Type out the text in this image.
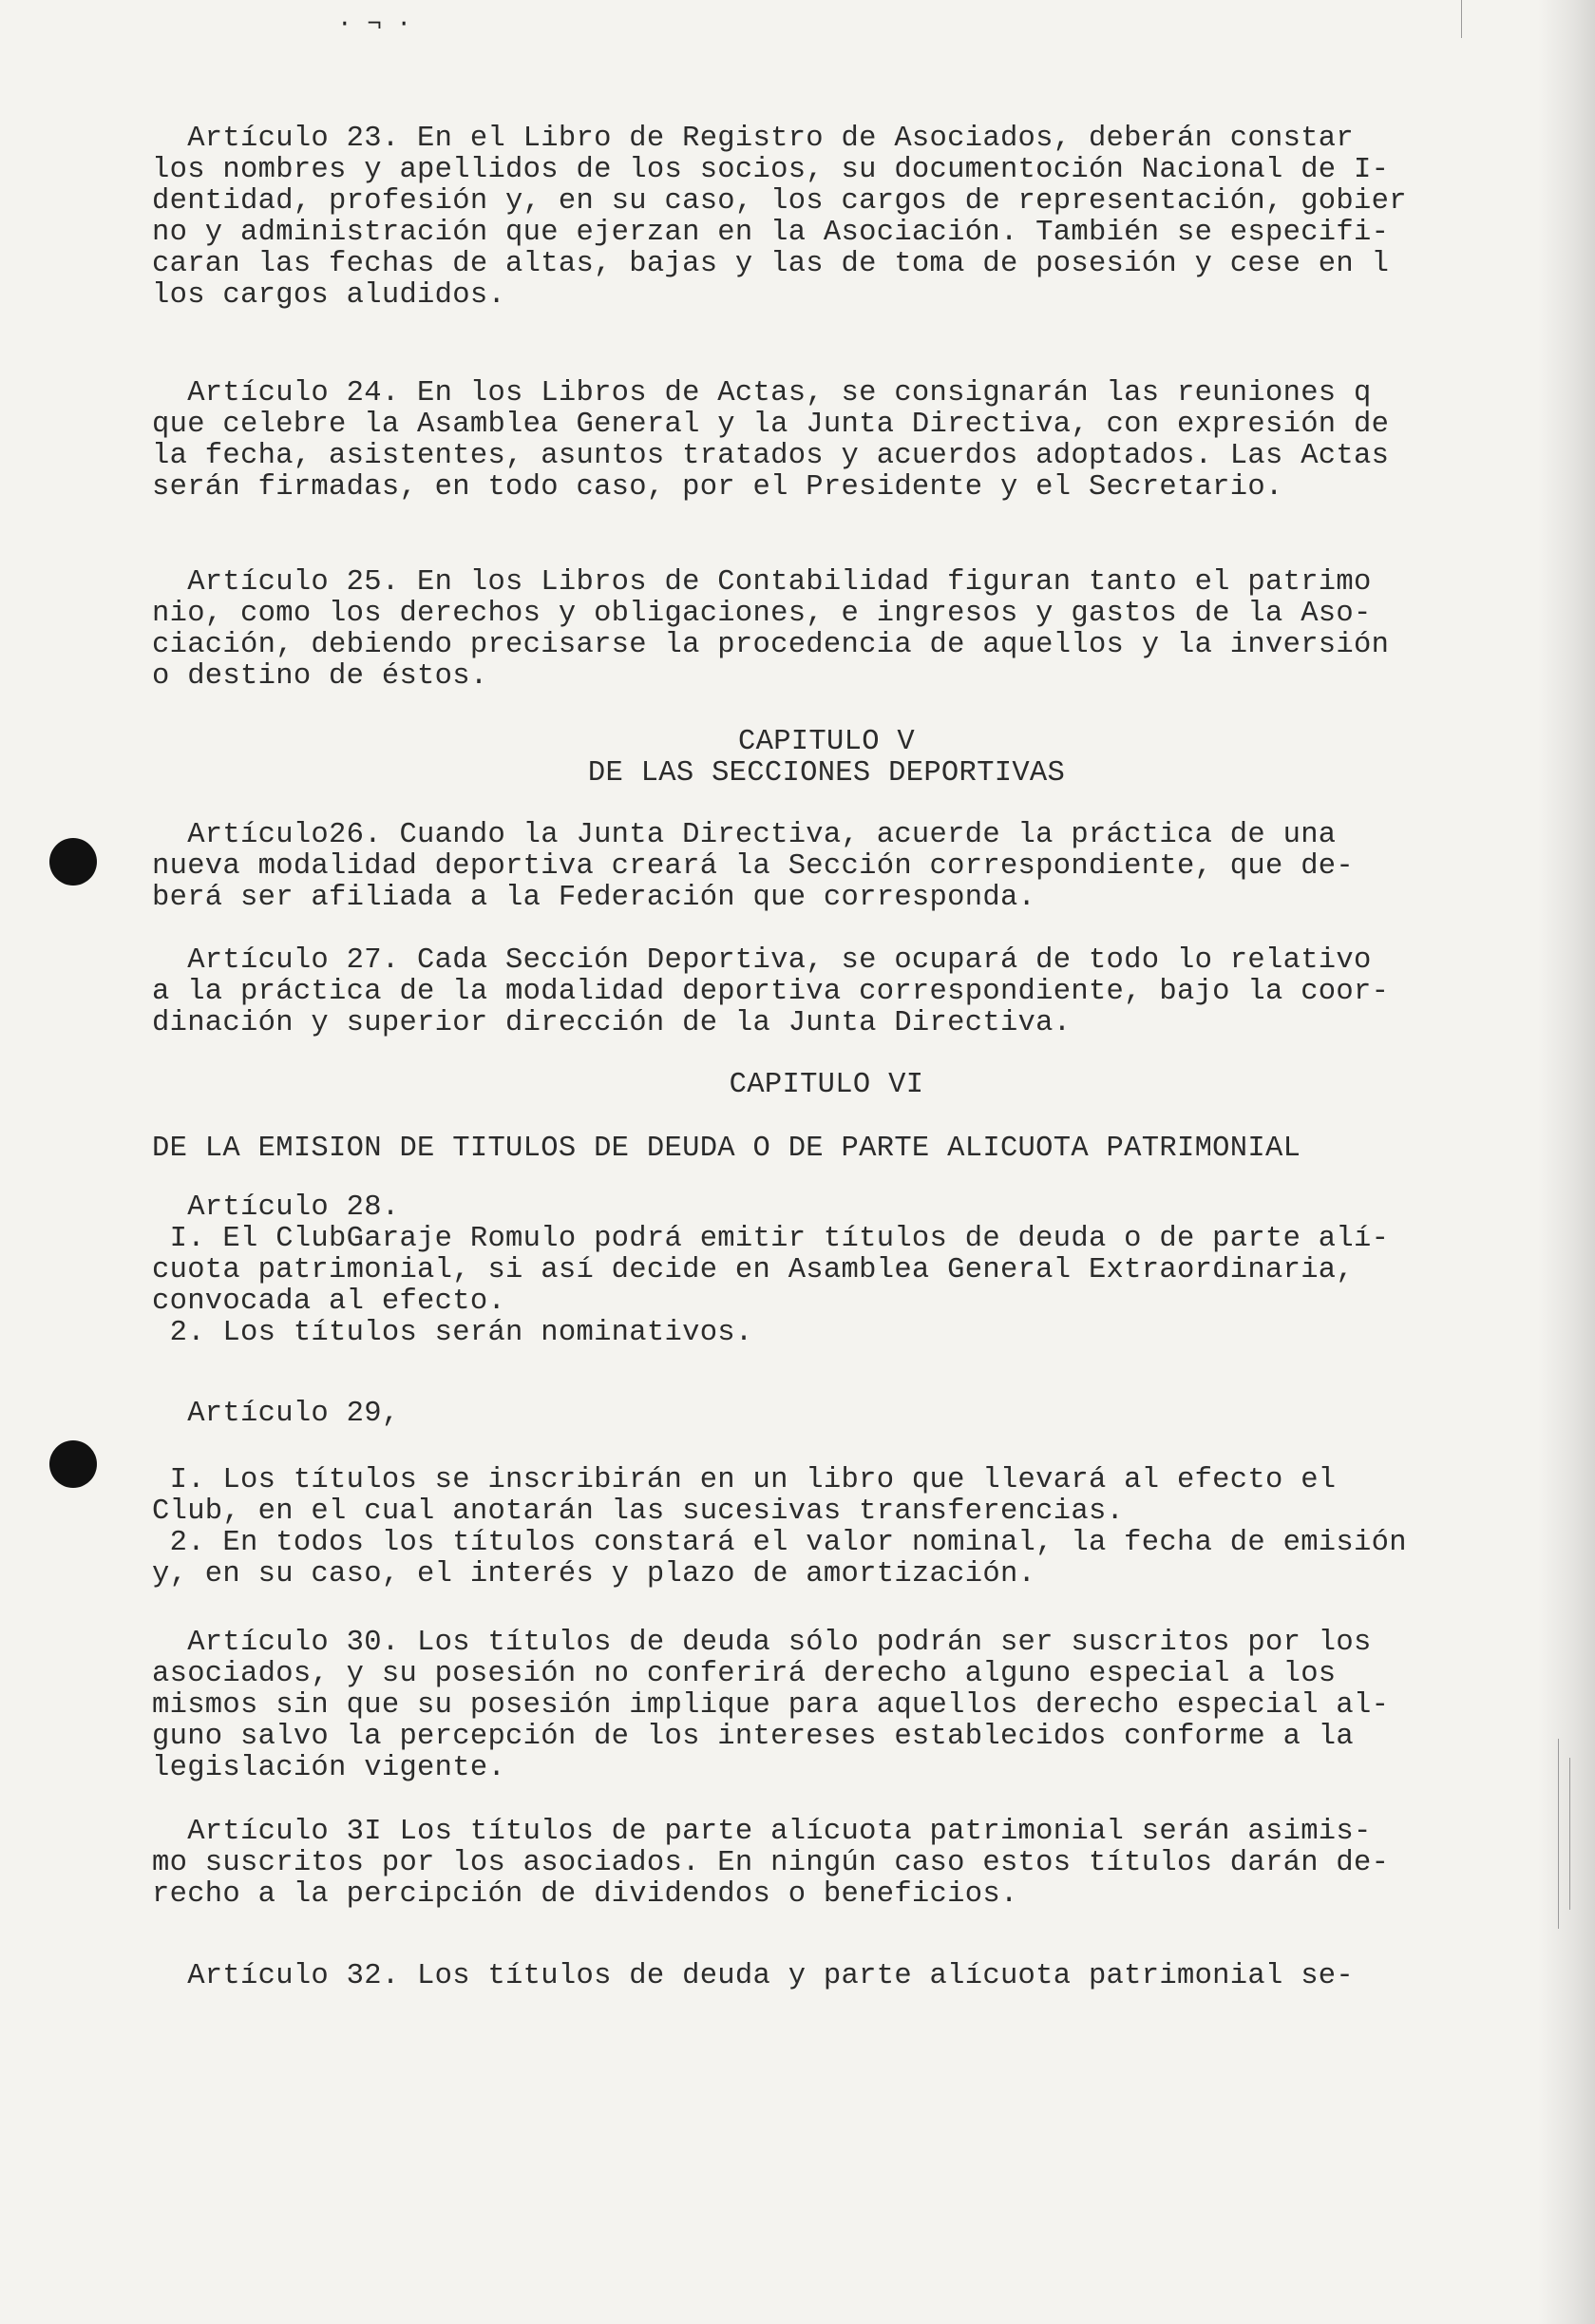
· ¬ ·
Artículo 23. En el Libro de Registro de Asociados, deberán constar
los nombres y apellidos de los socios, su documentoción Nacional de I-
dentidad, profesión y, en su caso, los cargos de representación, gobier
no y administración que ejerzan en la Asociación. También se especifi-
caran las fechas de altas, bajas y las de toma de posesión y cese en l
los cargos aludidos.
Artículo 24. En los Libros de Actas, se consignarán las reuniones q
que celebre la Asamblea General y la Junta Directiva, con expresión de
la fecha, asistentes, asuntos tratados y acuerdos adoptados. Las Actas
serán firmadas, en todo caso, por el Presidente y el Secretario.
Artículo 25. En los Libros de Contabilidad figuran tanto el patrimo
nio, como los derechos y obligaciones, e ingresos y gastos de la Aso-
ciación, debiendo precisarse la procedencia de aquellos y la inversión
o destino de éstos.
CAPITULO V
DE LAS SECCIONES DEPORTIVAS
Artículo26. Cuando la Junta Directiva, acuerde la práctica de una
nueva modalidad deportiva creará la Sección correspondiente, que de-
berá ser afiliada a la Federación que corresponda.
Artículo 27. Cada Sección Deportiva, se ocupará de todo lo relativo
a la práctica de la modalidad deportiva correspondiente, bajo la coor-
dinación y superior dirección de la Junta Directiva.
CAPITULO VI
DE LA EMISION DE TITULOS DE DEUDA O DE PARTE ALICUOTA PATRIMONIAL
Artículo 28.
I. El ClubGaraje Romulo podrá emitir títulos de deuda o de parte alí-
cuota patrimonial, si así decide en Asamblea General Extraordinaria,
convocada al efecto.
2. Los títulos serán nominativos.
Artículo 29,
I. Los títulos se inscribirán en un libro que llevará al efecto el
Club, en el cual anotarán las sucesivas transferencias.
2. En todos los títulos constará el valor nominal, la fecha de emisión
y, en su caso, el interés y plazo de amortización.
Artículo 30. Los títulos de deuda sólo podrán ser suscritos por los
asociados, y su posesión no conferirá derecho alguno especial a los
mismos sin que su posesión implique para aquellos derecho especial al-
guno salvo la percepción de los intereses establecidos conforme a la
legislación vigente.
Artículo 3I Los títulos de parte alícuota patrimonial serán asimis-
mo suscritos por los asociados. En ningún caso estos títulos darán de-
recho a la percipción de dividendos o beneficios.
Artículo 32. Los títulos de deuda y parte alícuota patrimonial se-
